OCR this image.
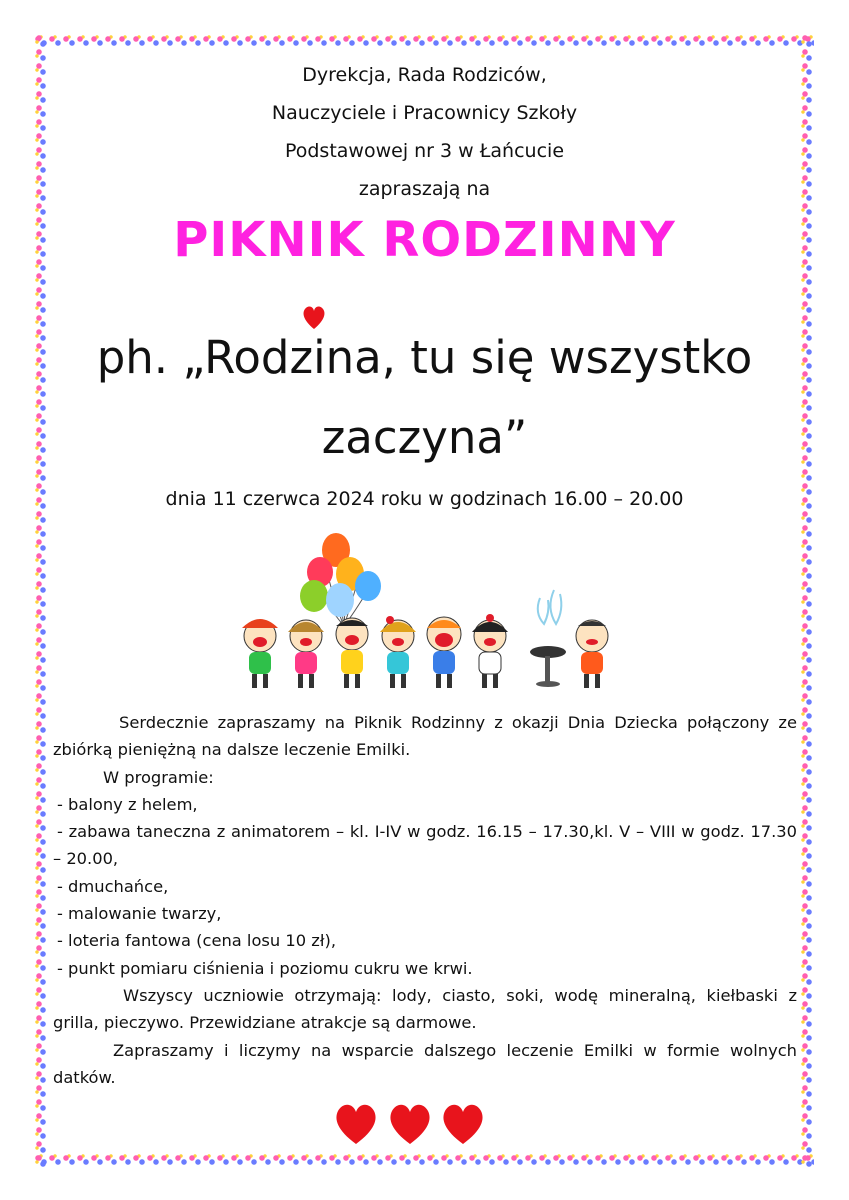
Dyrekcja, Rada Rodziców,
Nauczyciele i Pracownicy Szkoły
Podstawowej nr 3 w Łańcucie
zapraszają na
PIKNIK RODZINNY
ph. „Rodzina, tu się wszystko
zaczyna”
dnia 11 czerwca 2024 roku w godzinach 16.00 – 20.00

Serdecznie zapraszamy na Piknik Rodzinny z okazji Dnia Dziecka połączony ze zbiórką pieniężną na dalsze leczenie Emilki.

W programie:

- balony z helem,

- zabawa taneczna z animatorem – kl. I-IV w godz. 16.15 – 17.30,kl. V – VIII w godz. 17.30 – 20.00,

- dmuchańce,

- malowanie twarzy,

- loteria fantowa (cena losu 10 zł),

- punkt pomiaru ciśnienia i poziomu cukru we krwi.

Wszyscy uczniowie otrzymają: lody, ciasto, soki, wodę mineralną, kiełbaski z grilla, pieczywo. Przewidziane atrakcje są darmowe.

Zapraszamy i liczymy na wsparcie dalszego leczenie Emilki w formie wolnych datków.
